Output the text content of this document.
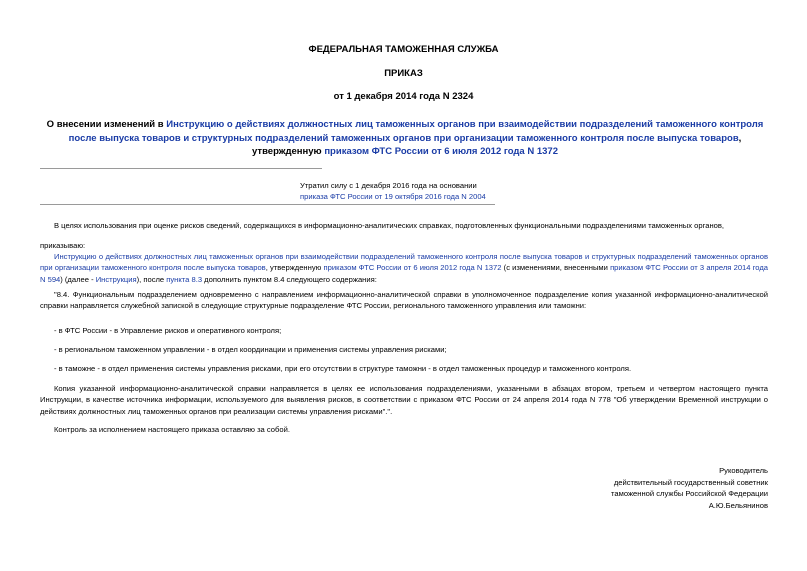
ФЕДЕРАЛЬНАЯ ТАМОЖЕННАЯ СЛУЖБА
ПРИКАЗ
от 1 декабря 2014 года N 2324
О внесении изменений в Инструкцию о действиях должностных лиц таможенных органов при взаимодействии подразделений таможенного контроля после выпуска товаров и структурных подразделений таможенных органов при организации таможенного контроля после выпуска товаров, утвержденную приказом ФТС России от 6 июля 2012 года N 1372
Утратил силу с 1 декабря 2016 года на основании
приказа ФТС России от 19 октября 2016 года N 2004
В целях использования при оценке рисков сведений, содержащихся в информационно-аналитических справках, подготовленных функциональными подразделениями таможенных органов,
приказываю:
Инструкцию о действиях должностных лиц таможенных органов при взаимодействии подразделений таможенного контроля после выпуска товаров и структурных подразделений таможенных органов при организации таможенного контроля после выпуска товаров, утвержденную приказом ФТС России от 6 июля 2012 года N 1372 (с изменениями, внесенными приказом ФТС России от 3 апреля 2014 года N 594) (далее - Инструкция), после пункта 8.3 дополнить пунктом 8.4 следующего содержания:
"8.4. Функциональным подразделением одновременно с направлением информационно-аналитической справки в уполномоченное подразделение копия указанной информационно-аналитической справки направляется служебной запиской в следующие структурные подразделение ФТС России, регионального таможенного управления или таможни:
- в ФТС России - в Управление рисков и оперативного контроля;
- в региональном таможенном управлении - в отдел координации и применения системы управления рисками;
- в таможне - в отдел применения системы управления рисками, при его отсутствии в структуре таможни - в отдел таможенных процедур и таможенного контроля.
Копия указанной информационно-аналитической справки направляется в целях ее использования подразделениями, указанными в абзацах втором, третьем и четвертом настоящего пункта Инструкции, в качестве источника информации, используемого для выявления рисков, в соответствии с приказом ФТС России от 24 апреля 2014 года N 778 "Об утверждении Временной инструкции о действиях должностных лиц таможенных органов при реализации системы управления рисками".".
Контроль за исполнением настоящего приказа оставляю за собой.
Руководитель
действительный государственный советник
таможенной службы Российской Федерации
А.Ю.Бельянинов
